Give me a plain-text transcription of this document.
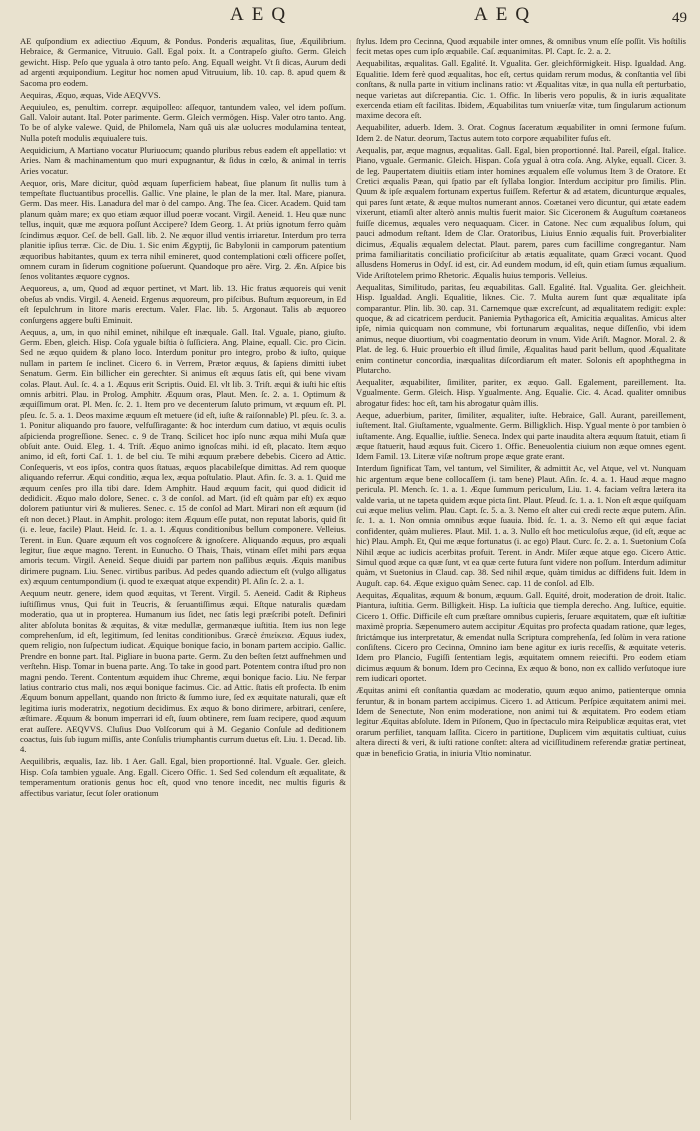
AEQ	AEQ	49

AE quſpondium ex adiectiuo Æquum, & Pondus. Ponderis æqualitas, ſiue, Æquilibrium. Hebraice, & Germanice, Vitruuio. Gall. Egal poix. It. a Contrapeſo giuſto. Germ. Gleich gewicht. Hisp. Peſo que yguala à otro tanto peſo. Ang. Equall weight. Vt ſi dicas, Aurum dedi ad argenti æquipondium. Legitur hoc nomen apud Vitruuium, lib. 10. cap. 8. apud quem & Sacoma pro eodem.

Aequiras, Æquo, æquas, Vide AEQVVS.

Aequiuleo, es, penultim. correpr. æquipolleo: aſſequor, tantundem valeo, vel idem poſſum. Gall. Valoir autant. Ital. Poter parimente. Germ. Gleich vermögen. Hisp. Valer otro tanto. Ang. To be of alyke valewe. Quid, de Philomela, Nam quâ uis alæ uolucres modulamina tenteat, Nulla poteſt modulis æquiualere tuis.

Aequidicium, A Martiano vocatur Pluriuocum; quando pluribus rebus eadem eſt appellatio: vt Aries. Nam & machinamentum quo muri expugnantur, & ſidus in cœlo, & animal in terris Aries vocatur.

Aequor, oris, Mare dicitur, quòd æquam ſuperficiem habeat, ſiue planum ſit nullis tum à tempeſtate fluctuantibus procellis. Gallic. Vne plaine, le plan de la mer. Ital. Mare, pianura. Germ. Das meer. His. Lanadura del mar ò del campo. Ang. The ſea. Cicer. Academ. Quid tam planum quàm mare; ex quo etiam æquor illud poeræ vocant. Virgil. Aeneid. 1. Heu quæ nunc tellus, inquit, quæ me æquora poſſunt Accipere? Idem Georg. 1. At priùs ignotum ferro quàm ſcindimus æquor. Ceſ. de bell. Gall. lib. 2. Ne æquor illud ventis irriaretur. Interdum pro terra planitie ipſius terræ. Cic. de Diu. 1. Sic enim Ægyptij, ſic Babylonii in camporum patentium æquoribus habitantes, quum ex terra nihil emineret, quod contemplationi cœli officere poſſet, omnem curam in ſiderum cognitione poſuerunt. Quandoque pro aëre. Virg. 2. Æn. Aſpice bis ſenos volitantes æquore cygnos.

Aequoreus, a, um, Quod ad æquor pertinet, vt Mart. lib. 13. Hic fratus æquoreis qui venit obeſus ab vndis. Virgil. 4. Aeneid. Ergenus æquoreum, pro piſcibus. Buſtum æquoreum, in Ed eſt ſepulchrum in litore maris erectum. Valer. Flac. lib. 5. Argonaut. Talis ab æquoreo conſurgens aggere buſti Eminuit.

Aequus, a, um, in quo nihil eminet, nihilque eſt inæquale. Gall. Ital. Vguale, piano, giuſto. Germ. Eben, gleich. Hisp. Coſa yguale biſtia ò ſuſſiciera. Ang. Plaine, equall. Cic. pro Cicin. Sed ne æquo quidem & plano loco. Interdum ponitur pro integro, probo & iuſto, quique nullam in partem ſe inclinet. Cicero 6. in Verrem, Prætor æquus, & ſapiens dimitti iubet Senatum. Germ. Ein billicher ein gerechter. Si animus eſt æquus ſatis eſt, qui bene vivam colas. Plaut. Aul. ſc. 4. a 1. Æquus erit Scriptis. Ouid. El. vlt lib. 3. Triſt. æqui & iuſti hic eſtis omnis arbitri. Plau. in Prolog. Amphitr. Æquum oras, Plaut. Men. ſc. 2. a. 1. Optimum & æquiſſimum orat. Pl. Men. ſc. 2. 1. Item pro ve decenterum ſaluto primum, vt æquum eſt. Pl. pſeu. ſc. 5. a. 1. Deos maxime æquum eſt metuere (id eſt, iuſte & raiſonnable) Pl. pſeu. ſc. 3. a. 1. Ponitur aliquando pro fauore, velfuſſiragante: & hoc interdum cum datiuo, vt æquis oculis aſpicienda progreſſione. Senec. c. 9 de Tranq. Scilicet hoc ipſo nunc æqua mihi Muſa quæ obſuit ante. Ouid. Eleg. 1. 4. Triſt. Æquo animo ignoſcas mihi. id eſt, placato. Item æquo animo, id eſt, forti Caſ. 1. 1. de bel ciu. Te mihi æquum præbere debebis. Cicero ad Attic. Conſequeris, vt eos ipſos, contra quos ſtatuas, æquos placabileſque dimittas. Ad rem quoque aliquando referrur. Æqui conditio, æqua lex, æqua poſtulatio. Plaut. Afin. ſc. 3. a. 1. Quid me æquum cenſes pro illa tibi dare. Idem Amphitr. Haud æquum facit, qui quod didicit id dedidicit. Æquo malo dolore, Senec. c. 3 de conſol. ad Mart. (id eſt quàm par eſt) ex æquo dolorem patiuntur viri & mulieres. Senec. c. 15 de conſol ad Mart. Mirari non eſt æquum (id eſt non decet.) Plaut. in Amphit. prologo: item Æquum eſſe putat, non reputat laboris, quid ſit (i. e. leue, facile) Plaut. Heid. ſc. 1. a. 1. Æquus conditionibus bellum componere. Velleius. Terent. in Eun. Quare æquum eſt vos cognoſcere & ignoſcere. Aliquando æquus, pro æquali legitur, ſiue æque magno. Terent. in Eunucho. O Thais, Thais, vtinam eſſet mihi pars æqua amoris tecum. Virgil. Aeneid. Seque diuidi par partem non paſſibus æquis. Æquis manibus dirimere pugnam. Liu. Senec. virtibus paribus. Ad pedes quando adiectum eſt (vulgo alligatus ex) æquum centumpondium (i. quod te exæquat atque expendit) Pl. Aſin ſc. 2. a. 1.

Aequum neutr. genere, idem quod æquitas, vt Terent. Virgil. 5. Aeneid. Cadit & Ripheus iuſtiſſimus vnus, Qui fuit in Teucris, & ſeruantiſſimus æqui. Eſtque naturalis quædam moderatio, qua ut in propterea. Humanum ius ſidet, nec ſatis legi præſcribi poteſt. Definiri aliter abſoluta bonitas & æquitas, & vitæ medullæ, germanæque iuſtitia. Item ius non lege comprehenſum, id eſt, legitimum, ſed lenitas conditionibus. Græcè ἐπιείκεια. Æquus iudex, quem religio, non ſuſpectum iudicat. Æquique bonique facio, in bonam partem accipio. Gallic. Prendre en bonne part. Ital. Pigliare in buona parte. Germ. Zu den beſten ſetzt auffnehmen und verſtehn. Hisp. Tomar in buena parte. Ang. To take in good part. Potentem contra iſtud pro non magni pendo. Terent. Contentum æquidem ihuc Chreme, æqui bonique facio. Liu. Ne ferpar latius contrario ctus mali, nos æqui bonique facimus. Cic. ad Attic. ſtatis eſt profecta. Ib enim Æquum bonum appellant, quando non ſtricto & ſummo iure, ſed ex æquitate naturali, quæ eſt legitima iuris moderatrix, negotium decidimus. Ex æquo & bono dirimere, arbitrari, cenſere, æſtimare. Æquum & bonum imperrari id eſt, ſuum obtinere, rem ſuam recipere, quod æquum erat auſſere. AEQVVS. Cluſius Duo Volſcorum qui à M. Geganio Conſule ad deditionem coactus, ſuis ſub iugum miſſis, ante Conſulis triumphantis currum duetus eſt. Liu. 1. Decad. lib. 4.

Aequilibris, æqualis, Iaz. lib. 1 Aer. Gall. Egal, bien proportionné. Ital. Vguale. Ger. gleich. Hisp. Coſa tambien yguale. Ang. Egall. Cicero Offic. 1. Sed Sed colendum eſt æqualitate, & temperamentum orationis genus hoc eſt, quod vno tenore incedit, nec multis figuris & affectibus variatur, ſecut ſoler orationum

ſtylus. Idem pro Cecinna, Quod æquabile inter omnes, & omnibus vnum eſſe poſſit. Vis hoſtilis fecit metas opes cum ipſo æquabile. Caſ. æquanimitas. Pl. Capt. ſc. 2. a. 2.

Aequabilitas, æqualitas. Gall. Egalité. It. Vgualita. Ger. gleichförmigkeit. Hisp. Igualdad. Ang. Equalitie. Idem ferè quod æqualitas, hoc eſt, certus quidam rerum modus, & conſtantia vel ſibi conſtans, & nulla parte in vitium inclinans ratio: vt Æqualitas vitæ, in qua nulla eſt perturbatio, neque varietas aut diſcrepantia. Cic. 1. Offic. In liberis vero populis, & in iuris æqualitate exercenda etiam eſt facilitas. Ibidem, Æquabilitas tum vniuerſæ vitæ, tum ſingularum actionum maxime decora eſt.

Aequabiliter, aduerb. Idem. 3. Orat. Cognus ſaceratum æquabiliter in omni ſermone fuſum. Idem 2. de Natur. deorum, Tactus autem toto corpore æquabiliter fuſus eſt.

Aequalis, par, æque magnus, æqualitas. Gall. Egal, bien proportionné. Ital. Pareil, eſgal. Italice. Piano, vguale. Germanic. Gleich. Hispan. Coſa ygual à otra coſa. Ang. Alyke, equall. Cicer. 3. de leg. Paupertatem diuitiis etiam inter homines æqualem eſſe volumus Item 3 de Oratore. Et Cretici æqualis Pæan, qui ſpatio par eſt ſyllaba longior. Interdum accipitur pro ſimilis. Plin. Quum & ipſe æqualem fortunam expertus fuiſſem. Refertur & ad ætatem, dicunturque æquales, qui pares ſunt ætate, & æque multos numerant annos. Coætanei vero dicuntur, qui ætate eadem vixerunt, etiamſi alter alterò annis multis fuerit maior. Sic Ciceronem & Auguſtum coætaneos fuiſſe dicemus, æquales vero nequaquam. Cicer. in Catone. Nec cum æqualibus ſolum, qui pauci admodum reſtant. Idem de Clar. Oratoribus, Liuius Ennio æqualis fuit. Proverbialiter dicimus, Æqualis æqualem delectat. Plaut. parem, pares cum facillime congregantur. Nam prima familiaritatis conciliatio proficiſcitur ab ætatis æqualitate, quam Græci vocant. Quod allusdens Homerus in Odyſ. id est, cir. Ad eundem modum, id eſt, quin etiam ſumus æqualium. Vide Ariſtotelem primo Rhetoric. Æqualis huius temporis. Velleius.

Aequalitas, Similitudo, paritas, ſeu æquabilitas. Gall. Egalité. Ital. Vgualita. Ger. gleichheit. Hisp. Igualdad. Angli. Equalitie, liknes. Cic. 7. Multa aurem ſunt quæ æqualitate ipſa comparantur. Plin. lib. 30. cap. 31. Carnemque quæ excreſcunt, ad æqualitatem redigit: exple: quoque, & ad cicatricem perducit. Paniemia Pythagorica eſt, Amicitia æqualitas. Amicus alter ipſe, nimia quicquam non commune, vbi fortunarum æqualitas, neque diſſenſio, vbi idem animus, neque diuortium, vbi coagmentatio deorum in vnum. Vide Ariſt. Magnor. Moral. 2. & Plat. de leg. 6. Huic prouerbio eſt illud ſimile, Æqualitas haud parit bellum, quod Æqualitate enim continetur concordia, inæqualitas diſcordiarum eſt mater. Solonis eſt apophthegma in Plutarcho.

Aequaliter, æquabiliter, ſimiliter, pariter, ex æquo. Gall. Egalement, pareillement. Ita. Vgualmente. Germ. Gleich. Hisp. Ygualmente. Ang. Equalie. Cic. 4. Acad. qualiter omnibus abrogatur fides: hoc eſt, tam his abrogatur quàm illis.

Aeque, aduerbium, pariter, ſimiliter, æqualiter, iuſte. Hebraice, Gall. Aurant, pareillement, iuſtement. Ital. Giuſtamente, vgualmente. Germ. Billigklich. Hisp. Ygual mente ò por tambien ò iuſtamente. Ang. Equallie, iuſtlie. Seneca. Index qui parte inaudita altera æquum ſtatuit, etiam ſi æque ſtatuerit, haud æquus fuit. Cicero 1. Offic. Beneuolentia ciuium non æque omnes egent. Idem Famil. 13. Literæ viſæ noſtrum prope æque grate erant.

Interdum ſignificat Tam, vel tantum, vel Similiter, & admittit Ac, vel Atque, vel vt. Nunquam hic argentum æque bene collocaſſem (i. tam bene) Plaut. Aſin. ſc. 4. a. 1. Haud æque magno pericula. Pl. Mench. ſc. 1. a. 1. Æque ſummum periculum, Liu. 1. 4. faciam veſtra lætera ita valde varia, ut ne tapeta quidem æque picta ſint. Plaut. Pſeud. ſc. 1. a. 1. Non eſt æque quiſquam cui æque melius velim. Plau. Capt. ſc. 5. a. 3. Nemo eſt alter cui credi recte æque putem. Aſin. ſc. 1. a. 1. Non omnia omnibus æque ſuauia. Ibid. ſc. 1. a. 3. Nemo eſt qui æque faciat confidenter, quàm mulieres. Plaut. Mil. 1. a. 3. Nullo eſt hoc meticuloſus æque, (id eſt, æque ac hic) Plau. Amph. Et, Qui me æque fortunatus (i. ac ego) Plaut. Curc. ſc. 2. a. 1. Suetonium Coſa Nihil æque ac iudicis acerbitas profuit. Terent. in Andr. Miſer æque atque ego. Cicero Attic. Simul quod æque ca quæ ſunt, vt ea quæ certe futura ſunt videre non poſſum. Interdum adimitur quàm, vt Suetonius in Claud. cap. 38. Sed nihil æque, quàm timidus ac diffidens fuit. Idem in Auguſt. cap. 64. Æque exiguo quàm Senec. cap. 11 de conſol. ad Elb.

Aequitas, Æqualitas, æquum & bonum, æquum. Gall. Equité, droit, moderation de droit. Italic. Piantura, iuſtitia. Germ. Billigkeit. Hisp. La iuſticia que tiempla derecho. Ang. Iuſtice, equitie. Cicero 1. Offic. Difficile eſt cum præſtare omnibus cupieris, ſeruare æquitatem, quæ eſt iuſtitiæ maximè propria. Sæpenumero autem accipitur Æquitas pro profecta quadam ratione, quæ leges, ſtrictámque ius interpretatur, & emendat nulla Scriptura comprehenſa, ſed ſolùm in vera ratione conſiſtens. Cicero pro Cecinna, Omnino iam bene agitur ex iuris receſſis, & æquitate veteris. Idem pro Plancio, Fugiſſi ſententiam legis, æquitatem omnem reiecifti. Pro eodem etiam dicimus æquum & bonum. Idem pro Cecinna, Ex æquo & bono, non ex callido verſutoque iure rem iudicari oportet.

Æquitas animi eſt conſtantia quædam ac moderatio, quum æquo animo, patienterque omnia feruntur, & in bonam partem accipimus. Cicero 1. ad Atticum. Perſpice æquitatem animi mei. Idem de Senectute, Non enim moderatione, non animi tui & æquitatem. Pro eodem etiam legitur Æquitas abſolute. Idem in Piſonem, Quo in ſpectaculo mira Reipublicæ æquitas erat, vtet orarum perfiliet, tanquam laſſita. Cicero in partitione, Duplicem vim æquitatis cultiuat, cuius altera directi & veri, & iuſti ratione conſtet: altera ad viciſſitudinem referendæ gratiæ pertineat, quæ in beneficio Gratia, in iniuria Vltio nominatur.
